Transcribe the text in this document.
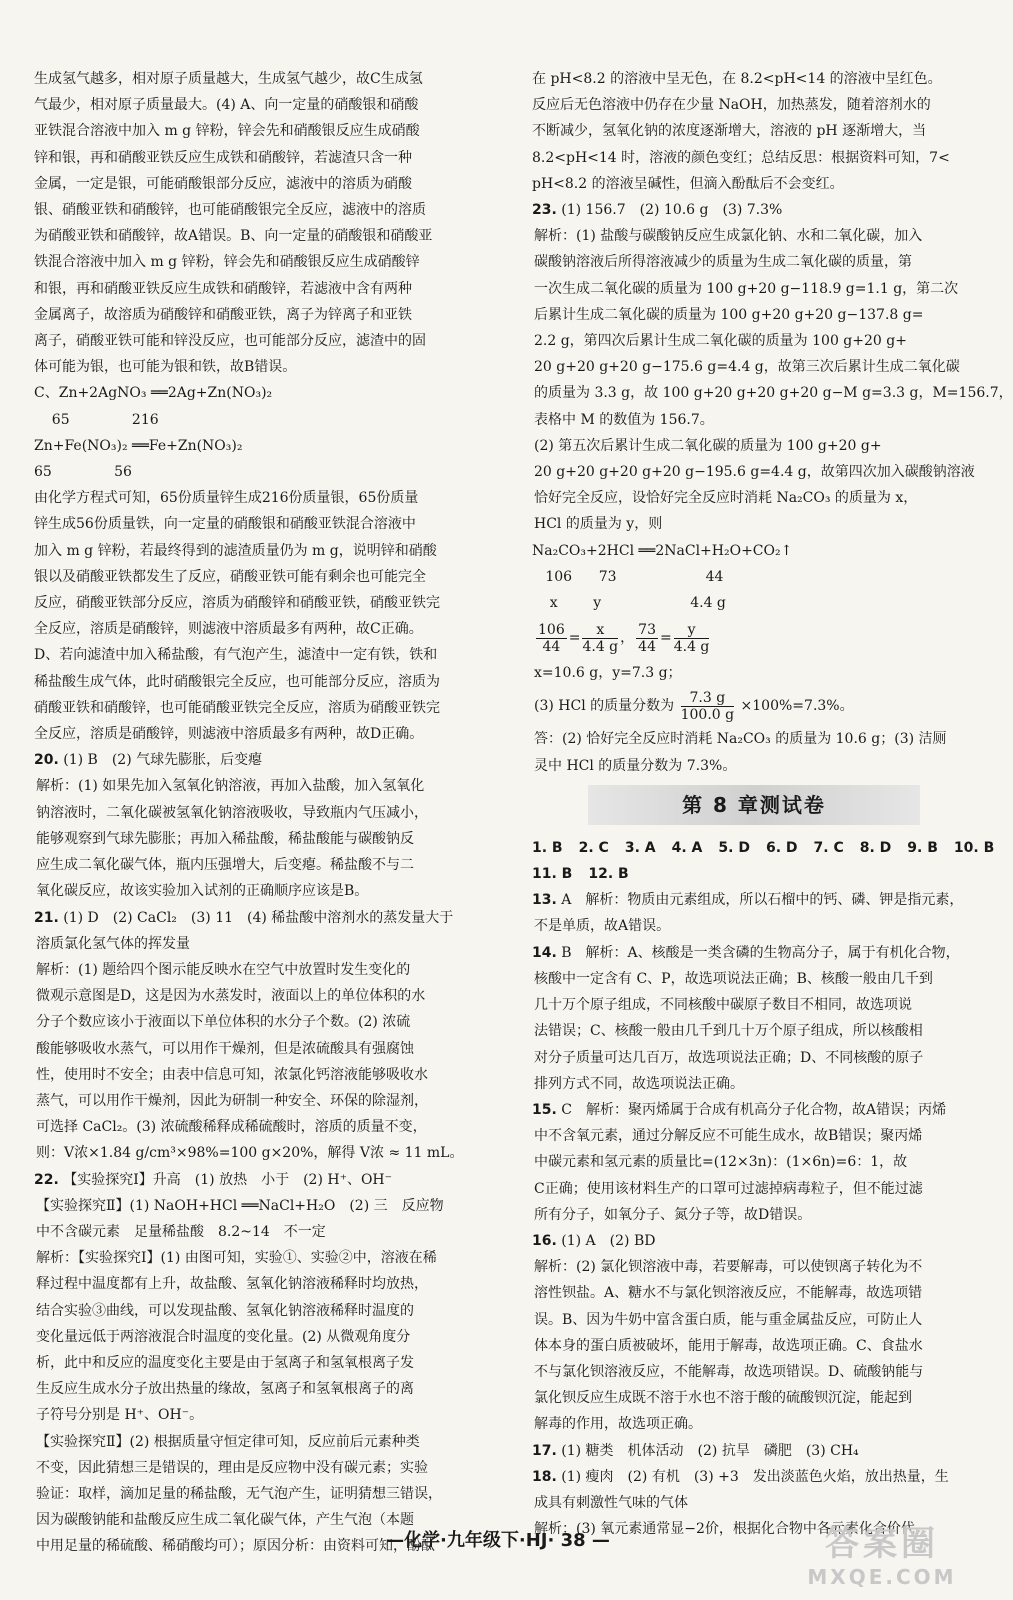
生成氢气越多，相对原子质量越大，生成氢气越少，故C生成氢
气最少，相对原子质量最大。(4) A、向一定量的硝酸银和硝酸
亚铁混合溶液中加入 m g 锌粉，锌会先和硝酸银反应生成硝酸
锌和银，再和硝酸亚铁反应生成铁和硝酸锌，若滤渣只含一种
金属，一定是银，可能硝酸银部分反应，滤液中的溶质为硝酸
银、硝酸亚铁和硝酸锌，也可能硝酸银完全反应，滤液中的溶质
为硝酸亚铁和硝酸锌，故A错误。B、向一定量的硝酸银和硝酸亚
铁混合溶液中加入 m g 锌粉，锌会先和硝酸银反应生成硝酸锌
和银，再和硝酸亚铁反应生成铁和硝酸锌，若滤液中含有两种
金属离子，故溶质为硝酸锌和硝酸亚铁，离子为锌离子和亚铁
离子，硝酸亚铁可能和锌没反应，也可能部分反应，滤渣中的固
体可能为银，也可能为银和铁，故B错误。
C、Zn+2AgNO₃ ══2Ag+Zn(NO₃)₂
65              216
Zn+Fe(NO₃)₂ ══Fe+Zn(NO₃)₂
65              56
由化学方程式可知，65份质量锌生成216份质量银，65份质量
锌生成56份质量铁，向一定量的硝酸银和硝酸亚铁混合溶液中
加入 m g 锌粉，若最终得到的滤渣质量仍为 m g，说明锌和硝酸
银以及硝酸亚铁都发生了反应，硝酸亚铁可能有剩余也可能完全
反应，硝酸亚铁部分反应，溶质为硝酸锌和硝酸亚铁，硝酸亚铁完
全反应，溶质是硝酸锌，则滤液中溶质最多有两种，故C正确。
D、若向滤渣中加入稀盐酸，有气泡产生，滤渣中一定有铁，铁和
稀盐酸生成气体，此时硝酸银完全反应，也可能部分反应，溶质为
硝酸亚铁和硝酸锌，也可能硝酸亚铁完全反应，溶质为硝酸亚铁完
全反应，溶质是硝酸锌，则滤液中溶质最多有两种，故D正确。
20. (1) B　(2) 气球先膨胀，后变瘪
解析：(1) 如果先加入氢氧化钠溶液，再加入盐酸，加入氢氧化
钠溶液时，二氧化碳被氢氧化钠溶液吸收，导致瓶内气压减小，
能够观察到气球先膨胀；再加入稀盐酸，稀盐酸能与碳酸钠反
应生成二氧化碳气体，瓶内压强增大，后变瘪。稀盐酸不与二
氧化碳反应，故该实验加入试剂的正确顺序应该是B。
21. (1) D　(2) CaCl₂　(3) 11　(4) 稀盐酸中溶剂水的蒸发量大于
溶质氯化氢气体的挥发量
解析：(1) 题给四个图示能反映水在空气中放置时发生变化的
微观示意图是D，这是因为水蒸发时，液面以上的单位体积的水
分子个数应该小于液面以下单位体积的水分子个数。(2) 浓硫
酸能够吸收水蒸气，可以用作干燥剂，但是浓硫酸具有强腐蚀
性，使用时不安全；由表中信息可知，浓氯化钙溶液能够吸收水
蒸气，可以用作干燥剂，因此为研制一种安全、环保的除湿剂，
可选择 CaCl₂。(3) 浓硫酸稀释成稀硫酸时，溶质的质量不变，
则：V浓×1.84 g/cm³×98%=100 g×20%，解得 V浓 ≈ 11 mL。
22. 【实验探究Ⅰ】升高　(1) 放热　小于　(2) H⁺、OH⁻
【实验探究Ⅱ】(1) NaOH+HCl ══NaCl+H₂O　(2) 三　反应物
中不含碳元素　足量稀盐酸　8.2~14　不一定
解析：【实验探究Ⅰ】(1) 由图可知，实验①、实验②中，溶液在稀
释过程中温度都有上升，故盐酸、氢氧化钠溶液稀释时均放热，
结合实验③曲线，可以发现盐酸、氢氧化钠溶液稀释时温度的
变化量远低于两溶液混合时温度的变化量。(2) 从微观角度分
析，此中和反应的温度变化主要是由于氢离子和氢氧根离子发
生反应生成水分子放出热量的缘故，氢离子和氢氧根离子的离
子符号分别是 H⁺、OH⁻。
【实验探究Ⅱ】(2) 根据质量守恒定律可知，反应前后元素种类
不变，因此猜想三是错误的，理由是反应物中没有碳元素；实验
验证：取样，滴加足量的稀盐酸，无气泡产生，证明猜想三错误，
因为碳酸钠能和盐酸反应生成二氧化碳气体，产生气泡（本题
中用足量的稀硫酸、稀硝酸均可）；原因分析：由资料可知，酚酞
在 pH<8.2 的溶液中呈无色，在 8.2<pH<14 的溶液中呈红色。
反应后无色溶液中仍存在少量 NaOH，加热蒸发，随着溶剂水的
不断减少，氢氧化钠的浓度逐渐增大，溶液的 pH 逐渐增大，当
8.2<pH<14 时，溶液的颜色变红；总结反思：根据资料可知，7<
pH<8.2 的溶液呈碱性，但滴入酚酞后不会变红。
23. (1) 156.7　(2) 10.6 g　(3) 7.3%
解析：(1) 盐酸与碳酸钠反应生成氯化钠、水和二氧化碳，加入
碳酸钠溶液后所得溶液减少的质量为生成二氧化碳的质量，第
一次生成二氧化碳的质量为 100 g+20 g−118.9 g=1.1 g，第二次
后累计生成二氧化碳的质量为 100 g+20 g+20 g−137.8 g=
2.2 g，第四次后累计生成二氧化碳的质量为 100 g+20 g+
20 g+20 g+20 g−175.6 g=4.4 g，故第三次后累计生成二氧化碳
的质量为 3.3 g，故 100 g+20 g+20 g+20 g−M g=3.3 g，M=156.7，
表格中 M 的数值为 156.7。
(2) 第五次后累计生成二氧化碳的质量为 100 g+20 g+
20 g+20 g+20 g+20 g−195.6 g=4.4 g，故第四次加入碳酸钠溶液
恰好完全反应，设恰好完全反应时消耗 Na₂CO₃ 的质量为 x，
HCl 的质量为 y，则
Na₂CO₃+2HCl ══2NaCl+H₂O+CO₂↑
106      73                    44
x        y                    4.4 g
$\frac{106}{44} = \frac{x}{4.4 g}$ ， $\frac{73}{44} = \frac{y}{4.4 g}$
x=10.6 g，y=7.3 g；
(3) HCl 的质量分数为 $\frac{7.3 g}{100.0 g} \times 100\%=7.3\%$。
答：(2) 恰好完全反应时消耗 Na₂CO₃ 的质量为 10.6 g；(3) 洁厕
灵中 HCl 的质量分数为 7.3%。
第 8 章测试卷
1. B 2. C 3. A 4. A 5. D 6. D 7. C 8. D 9. B 10. B
11. B 12. B
13. A　解析：物质由元素组成，所以石榴中的钙、磷、钾是指元素，
不是单质，故A错误。
14. B　解析：A、核酸是一类含磷的生物高分子，属于有机化合物，
核酸中一定含有 C、P，故选项说法正确；B、核酸一般由几千到
几十万个原子组成，不同核酸中碳原子数目不相同，故选项说
法错误；C、核酸一般由几千到几十万个原子组成，所以核酸相
对分子质量可达几百万，故选项说法正确；D、不同核酸的原子
排列方式不同，故选项说法正确。
15. C　解析：聚丙烯属于合成有机高分子化合物，故A错误；丙烯
中不含氧元素，通过分解反应不可能生成水，故B错误；聚丙烯
中碳元素和氢元素的质量比=(12×3n)：(1×6n)=6：1，故
C正确；使用该材料生产的口罩可过滤掉病毒粒子，但不能过滤
所有分子，如氧分子、氮分子等，故D错误。
16. (1) A　(2) BD
解析：(2) 氯化钡溶液中毒，若要解毒，可以使钡离子转化为不
溶性钡盐。A、糖水不与氯化钡溶液反应，不能解毒，故选项错
误。B、因为牛奶中富含蛋白质，能与重金属盐反应，可防止人
体本身的蛋白质被破坏，能用于解毒，故选项正确。C、食盐水
不与氯化钡溶液反应，不能解毒，故选项错误。D、硫酸钠能与
氯化钡反应生成既不溶于水也不溶于酸的硫酸钡沉淀，能起到
解毒的作用，故选项正确。
17. (1) 糖类　机体活动　(2) 抗旱　磷肥　(3) CH₄
18. (1) 瘦肉　(2) 有机　(3) +3　发出淡蓝色火焰，放出热量，生
成具有刺激性气味的气体
解析：(3) 氧元素通常显−2价，根据化合物中各元素化合价代
—化学·九年级下·HJ· 38 —	答案圈
MXQE.COM
